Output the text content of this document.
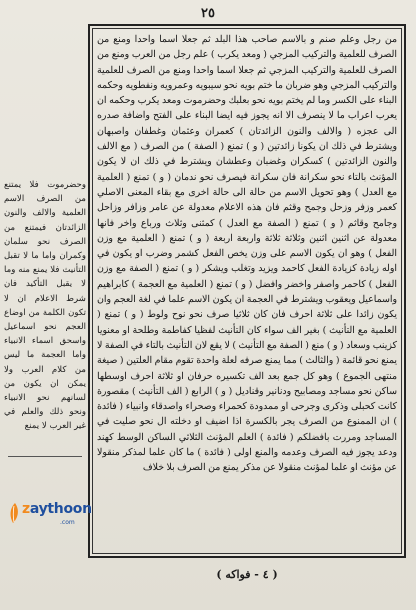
٢٥

من رجل وعلم صنم و بالاسم صاحب هذا البلد ثم جعلا اسما واحدا ومنع من الصرف للعلمية والتركيب المزجي ( ومعد يكرب ) علم رجل من العرب ومنع من الصرف للعلمية والتركيب المزجي ثم جعلا اسما واحدا ومنع من الصرف للعلمية والتركيب المزجي وهو ضربان ما ختم بويه نحو سيبويه وعمرويه ونفطويه وحكمه البناء على الكسر وما لم يختم بويه نحو بعلبك وحضرموت ومعد يكرب وحكمه ان يعرب اعراب ما لا ينصرف الا انه يجوز فيه ايضا البناء على الفتح واضافة صدره الى عجزه ( والالف والنون الزائدتان ) كعمران وعثمان وغطفان واصبهان ويشترط في ذلك ان يكونا زائدتين ( و ) تمنع ( الصفة ) من الصرف ( مع الالف والنون الزائدتين ) كسكران وغضبان وعطشان ويشترط في ذلك ان لا يكون المؤنث بالتاء نحو سكرانة فان سكرانة فيصرف نحو ندمان ( و ) تمنع ( العلمية مع العدل ) وهو تحويل الاسم من حالة الى حالة اخرى مع بقاء المعنى الاصلي كعمر وزفر وزحل وجمح وقثم فان هذه الاعلام معدولة عن عامر وزافر وزاحل وجامح وقاثم ( و ) تمنع ( الصفة مع العدل ) كمثنى وثلاث ورباع واخر فانها معدولة عن اثنين اثنين وثلاثة ثلاثة واربعة اربعة ( و ) تمنع ( العلمية مع وزن الفعل ) وهو ان يكون الاسم على وزن يخص الفعل كشمر وضرب او يكون في اوله زيادة كزيادة الفعل كاحمد ويزيد وتغلب ويشكر ( و ) تمنع ( الصفة مع وزن الفعل ) كاحمر واصفر واخضر وافضل ( و ) تمنع ( العلمية مع العجمة ) كابراهيم واسماعيل ويعقوب ويشترط في العجمة ان يكون الاسم علما في لغة العجم وان يكون زائدا على ثلاثة احرف فان كان ثلاثيا صرف نحو نوح ولوط ( و ) تمنع ( العلمية مع التأنيث ) بغير الف سواء كان التأنيث لفظيا كفاطمة وطلحة او معنويا كزينب وسعاد ( و ) منع ( الصفة مع التأنيث ) لا يقع لان التأنيث بالتاء في الصفة لا يمنع نحو قائمة ( والثالث ) مما يمنع صرفه لعلة واحدة تقوم مقام العلتين ( صيغة منتهى الجموع ) وهو كل جمع بعد الف تكسيره حرفان او ثلاثة احرف اوسطها ساكن نحو مساجد ومصابيح ودنانير وقناديل ( و ) الرابع ( الف التأنيث ) مقصورة كانت كحبلى وذكرى وجرحى او ممدودة كحمراء وصحراء واصدقاء وانبياء ( فائدة ) ان الممنوع من الصرف يجر بالكسرة اذا اضيف او دخلته ال نحو صليت في المساجد ومررت بافضلكم ( فائدة ) العلم المؤنث الثلاثي الساكن الوسط كهند ودعد يجوز فيه الصرف وعدمه والمنع اولى ( فائدة ) ما كان علما لمذكر منقولا عن مؤنث او علما لمؤنث منقولا عن مذكر يمنع من الصرف بلا خلاف

وحضرموت فلا يمتنع من الصرف الاسم العلمية والالف والنون الزائدتان فيمتنع من الصرف نحو سلمان وكمران واما ما لا تقبل التأنيث فلا يمنع منه وما لا يقبل التأكيد فان شرط الاعلام ان لا تكون الكلمة من اوضاع العجم نحو اسماعيل واسحق اسماء الانبياء واما العجمة ما ليس من كلام العرب ولا يمكن ان يكون من لسانهم نحو الانبياء ونحو ذلك والعلم في غير العرب لا يمنع

zaythoon
.com
( ٤ - فواكه )
